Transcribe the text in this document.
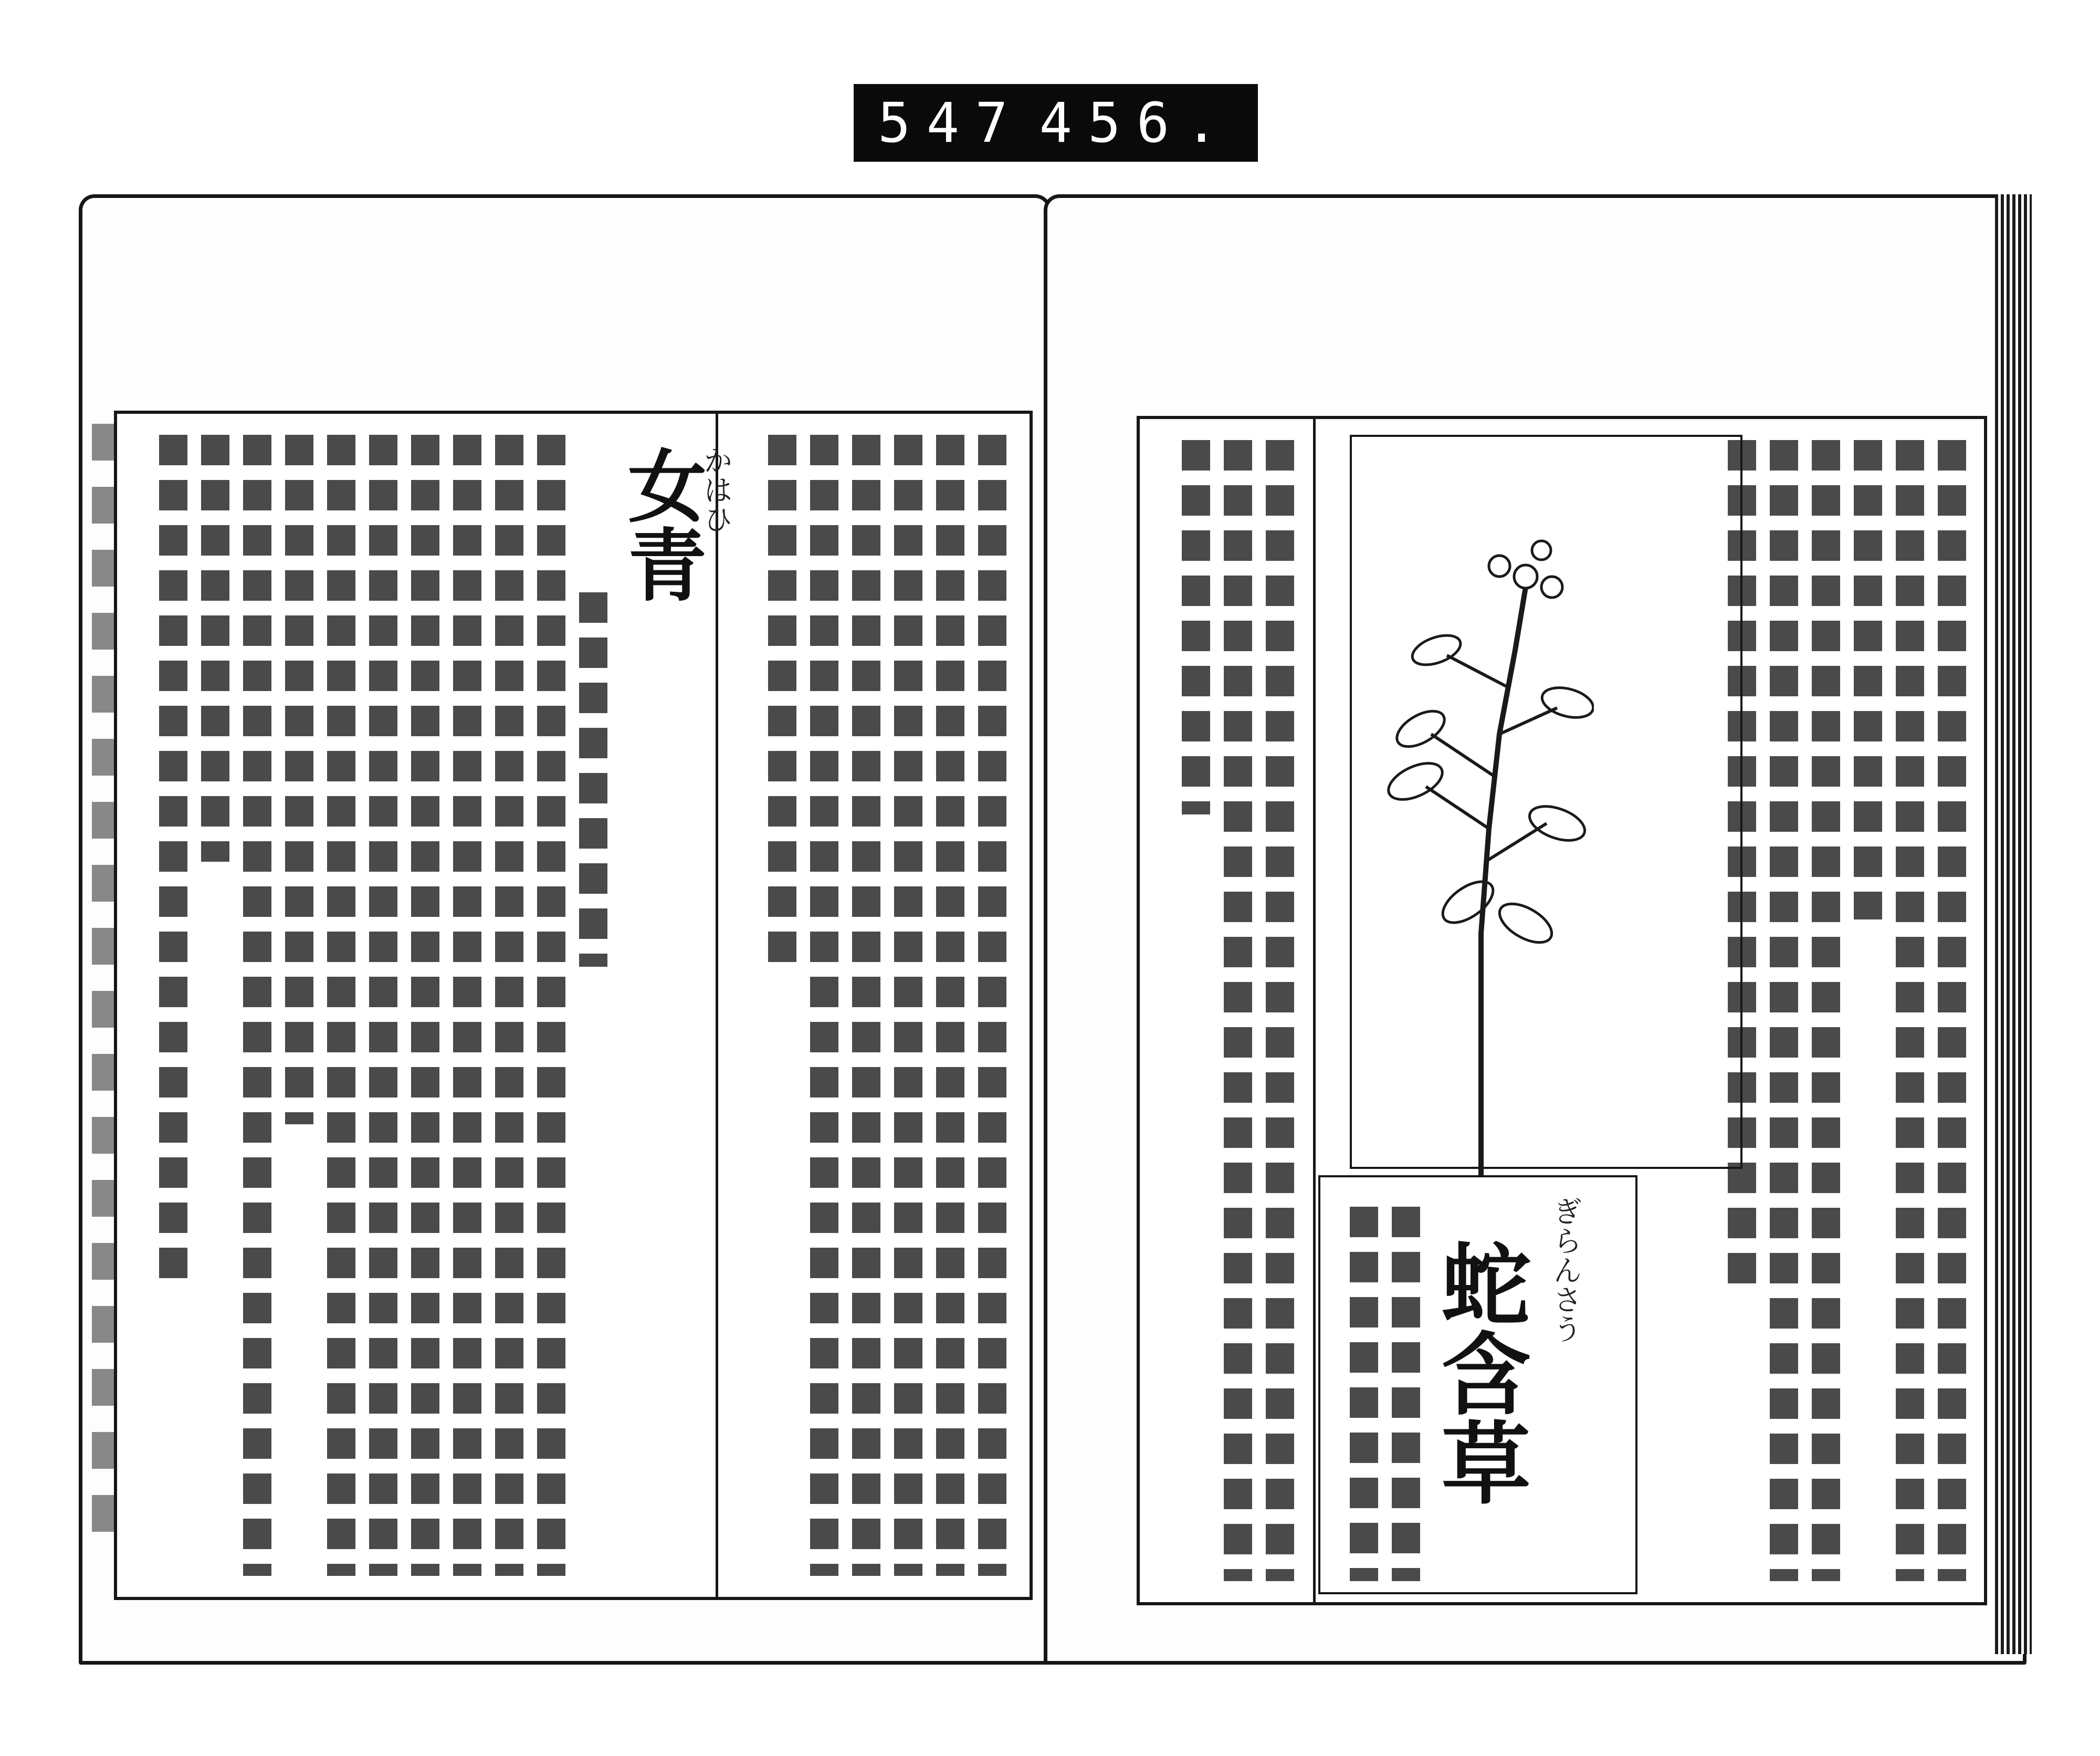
547 456.
女青
かはひ
蛇含草 ぎらんさう
